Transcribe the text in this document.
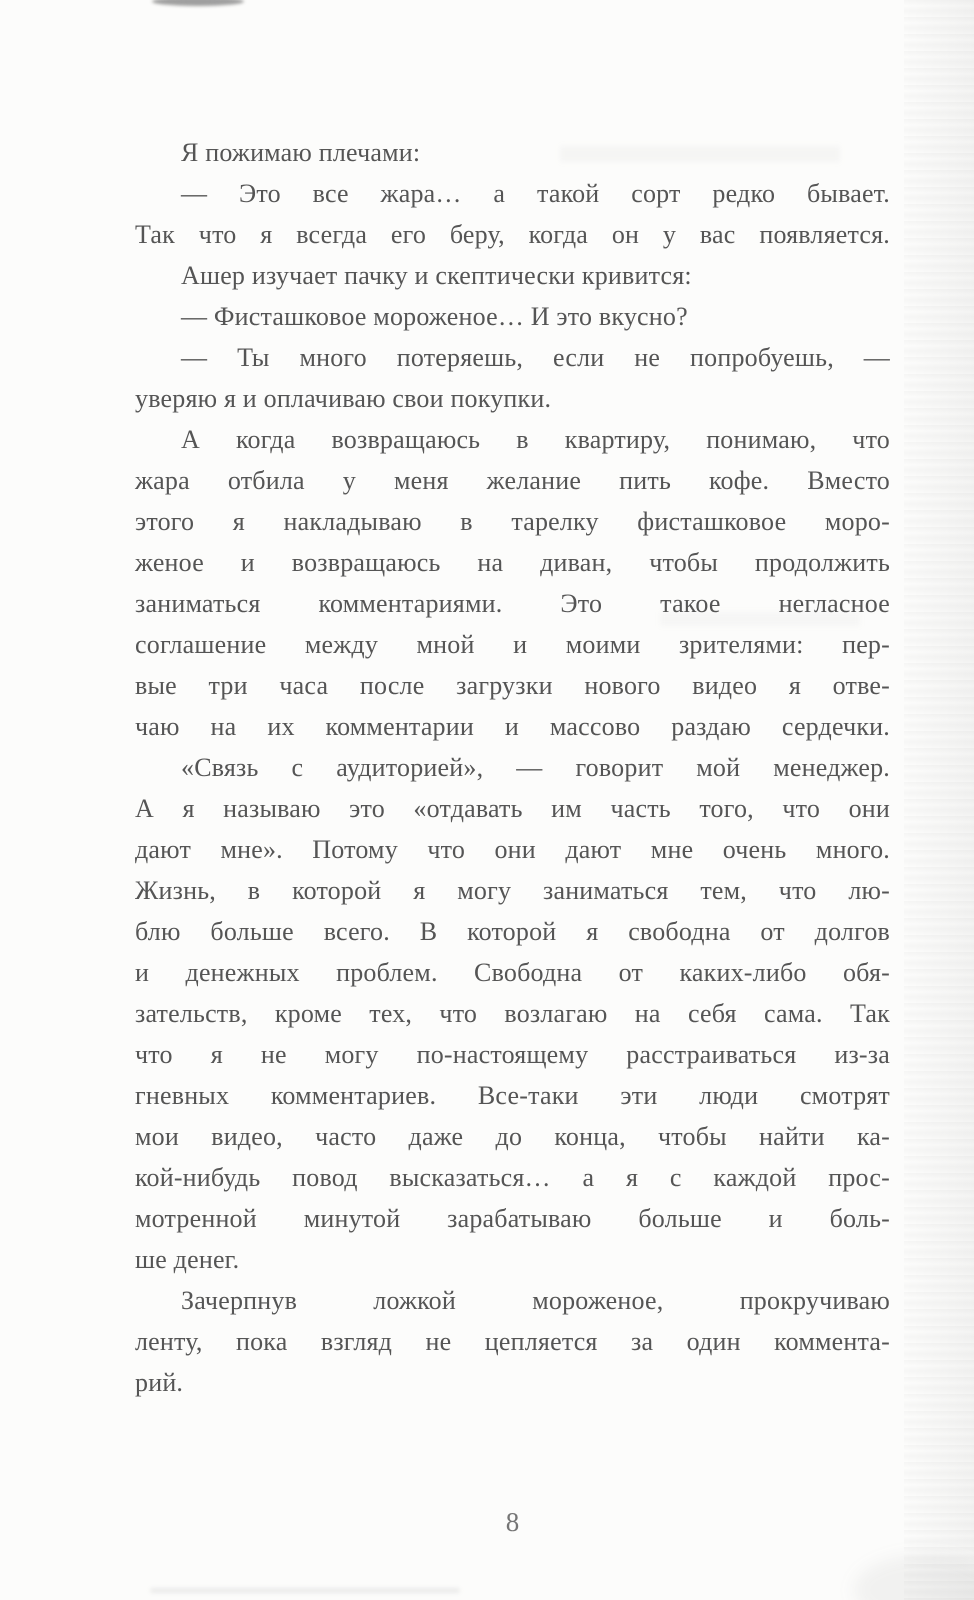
Я пожимаю плечами:
— Это все жара… а такой сорт редко бывает.
Так что я всегда его беру, когда он у вас появляется.
Ашер изучает пачку и скептически кривится:
— Фисташковое мороженое… И это вкусно?
— Ты много потеряешь, если не попробуешь, —
уверяю я и оплачиваю свои покупки.
А когда возвращаюсь в квартиру, понимаю, что
жара отбила у меня желание пить кофе. Вместо
этого я накладываю в тарелку фисташковое моро-
женое и возвращаюсь на диван, чтобы продолжить
заниматься комментариями. Это такое негласное
соглашение между мной и моими зрителями: пер-
вые три часа после загрузки нового видео я отве-
чаю на их комментарии и массово раздаю сердечки.
«Связь с аудиторией», — говорит мой менеджер.
А я называю это «отдавать им часть того, что они
дают мне». Потому что они дают мне очень много.
Жизнь, в которой я могу заниматься тем, что лю-
блю больше всего. В которой я свободна от долгов
и денежных проблем. Свободна от каких-либо обя-
зательств, кроме тех, что возлагаю на себя сама. Так
что я не могу по-настоящему расстраиваться из-за
гневных комментариев. Все-таки эти люди смотрят
мои видео, часто даже до конца, чтобы найти ка-
кой-нибудь повод высказаться… а я с каждой прос-
мотренной минутой зарабатываю больше и боль-
ше денег.
Зачерпнув ложкой мороженое, прокручиваю
ленту, пока взгляд не цепляется за один коммента-
рий.
8
